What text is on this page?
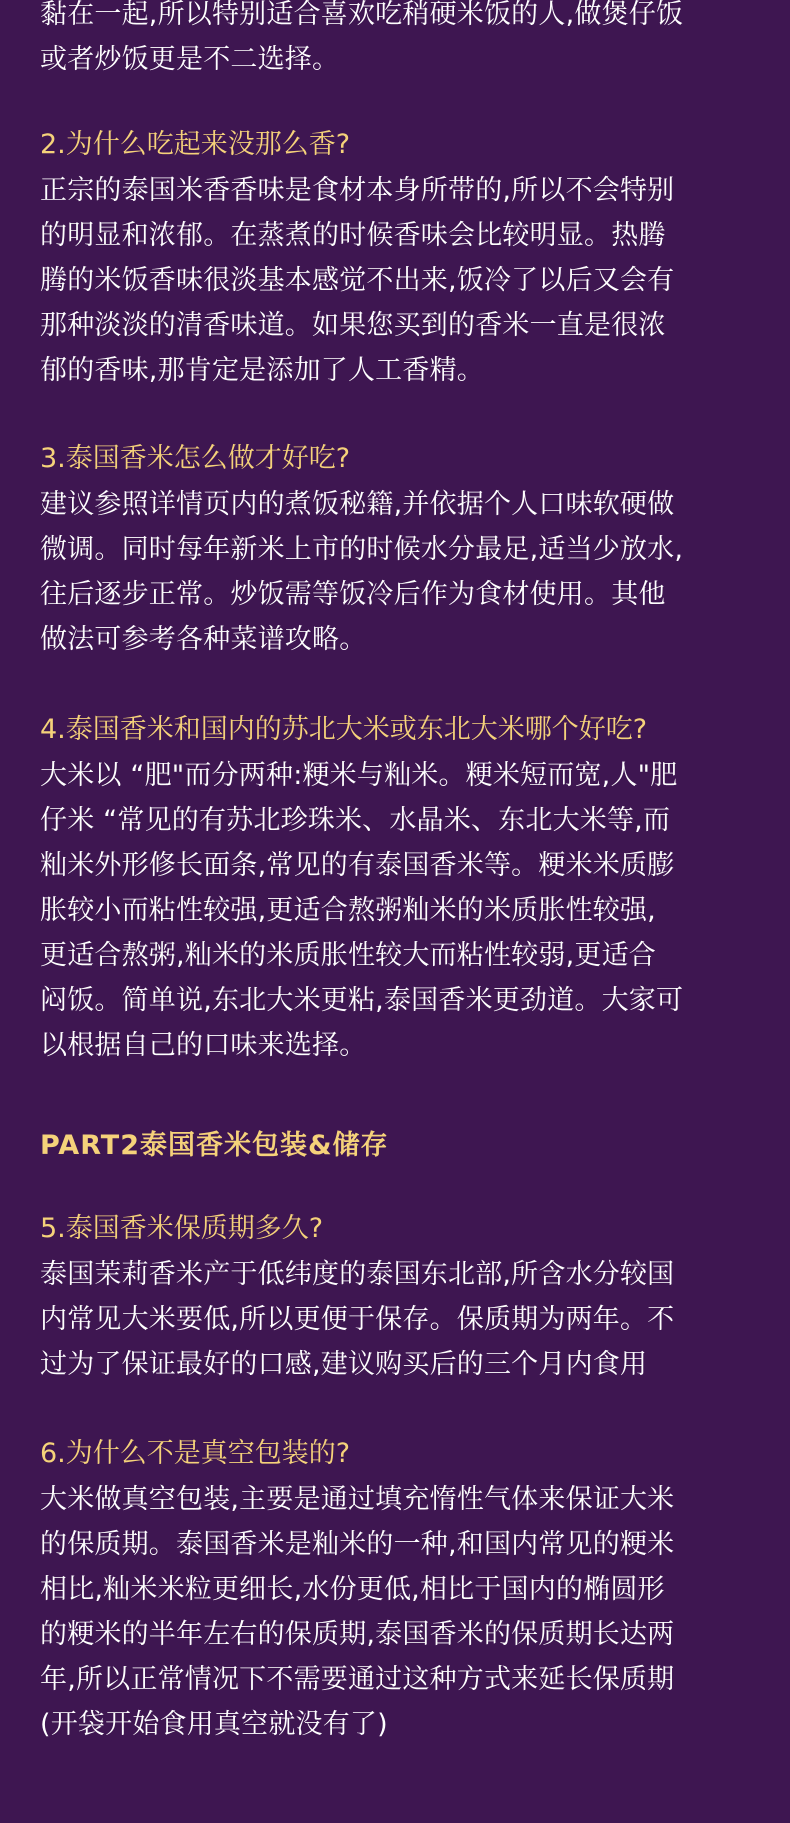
黏在一起,所以特别适合喜欢吃稍硬米饭的人,做煲仔饭
或者炒饭更是不二选择。
2.为什么吃起来没那么香?
正宗的泰国米香香味是食材本身所带的,所以不会特别
的明显和浓郁。在蒸煮的时候香味会比较明显。热腾
腾的米饭香味很淡基本感觉不出来,饭冷了以后又会有
那种淡淡的清香味道。如果您买到的香米一直是很浓
郁的香味,那肯定是添加了人工香精。
3.泰国香米怎么做才好吃?
建议参照详情页内的煮饭秘籍,并依据个人口味软硬做
微调。同时每年新米上市的时候水分最足,适当少放水,
往后逐步正常。炒饭需等饭冷后作为食材使用。其他
做法可参考各种菜谱攻略。
4.泰国香米和国内的苏北大米或东北大米哪个好吃?
大米以 “肥"而分两种:粳米与籼米。粳米短而宽,人"肥
仔米 “常见的有苏北珍珠米、水晶米、东北大米等,而
籼米外形修长面条,常见的有泰国香米等。粳米米质膨
胀较小而粘性较强,更适合熬粥籼米的米质胀性较强,
更适合熬粥,籼米的米质胀性较大而粘性较弱,更适合
闷饭。简单说,东北大米更粘,泰国香米更劲道。大家可
以根据自己的口味来选择。
PART2泰国香米包装&储存
5.泰国香米保质期多久?
泰国茉莉香米产于低纬度的泰国东北部,所含水分较国
内常见大米要低,所以更便于保存。保质期为两年。不
过为了保证最好的口感,建议购买后的三个月内食用
6.为什么不是真空包装的?
大米做真空包装,主要是通过填充惰性气体来保证大米
的保质期。泰国香米是籼米的一种,和国内常见的粳米
相比,籼米米粒更细长,水份更低,相比于国内的椭圆形
的粳米的半年左右的保质期,泰国香米的保质期长达两
年,所以正常情况下不需要通过这种方式来延长保质期
(开袋开始食用真空就没有了)
